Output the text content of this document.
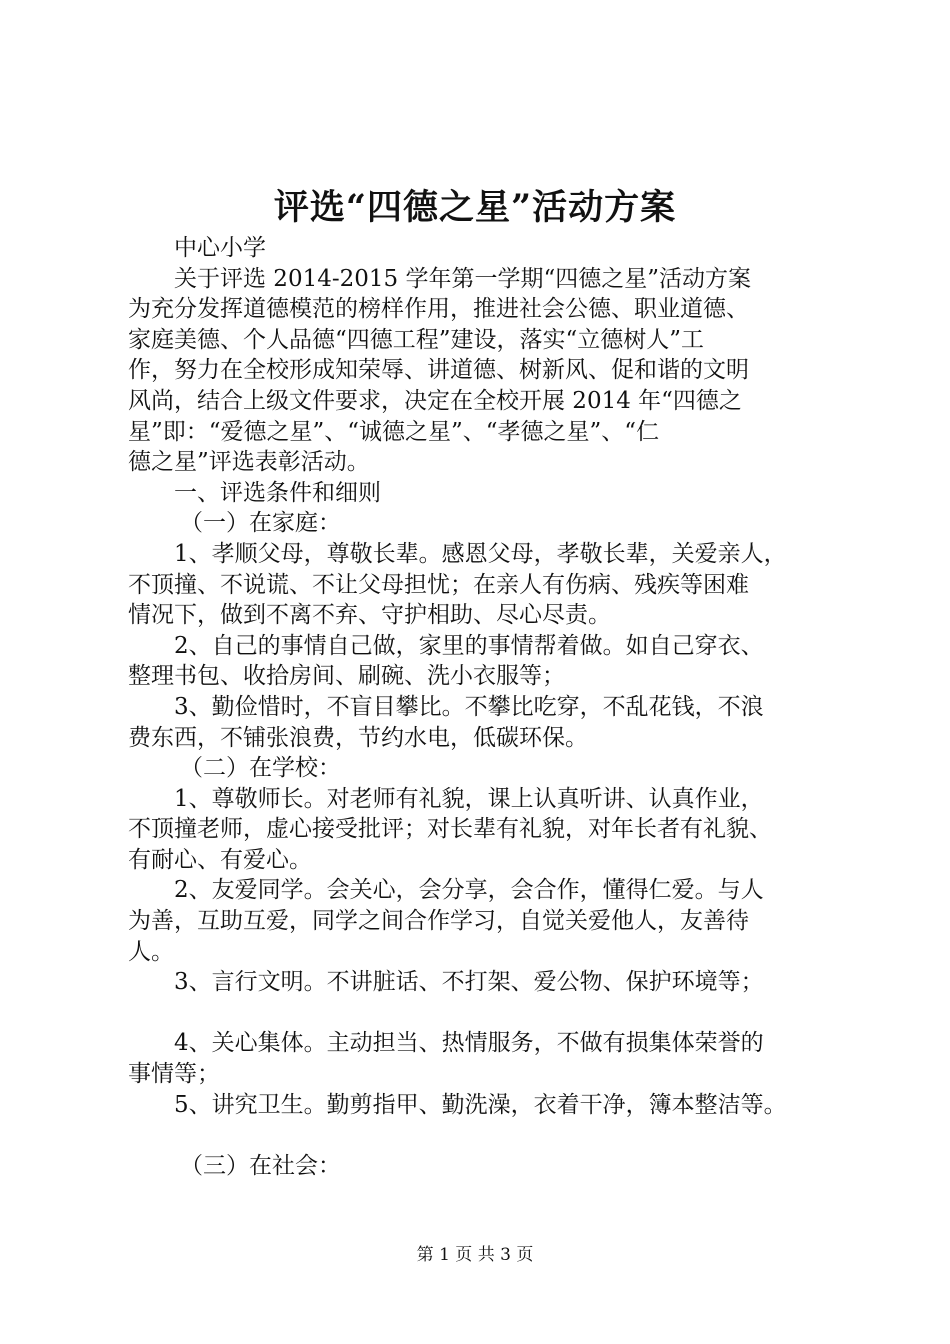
评选“四德之星”活动方案
中心小学
关于评选 2014-2015 学年第一学期“四德之星”活动方案
为充分发挥道德模范的榜样作用，推进社会公德、职业道德、
家庭美德、个人品德“四德工程”建设，落实“立德树人”工
作，努力在全校形成知荣辱、讲道德、树新风、促和谐的文明
风尚，结合上级文件要求，决定在全校开展 2014 年“四德之
星”即：“爱德之星”、“诚德之星”、“孝德之星”、“仁
德之星”评选表彰活动。
一、评选条件和细则
（一）在家庭：
1、孝顺父母，尊敬长辈。感恩父母，孝敬长辈，关爱亲人，
不顶撞、不说谎、不让父母担忧；在亲人有伤病、残疾等困难
情况下，做到不离不弃、守护相助、尽心尽责。
2、自己的事情自己做，家里的事情帮着做。如自己穿衣、
整理书包、收拾房间、刷碗、洗小衣服等；
3、勤俭惜时，不盲目攀比。不攀比吃穿，不乱花钱，不浪
费东西，不铺张浪费，节约水电，低碳环保。
（二）在学校：
1、尊敬师长。对老师有礼貌，课上认真听讲、认真作业，
不顶撞老师，虚心接受批评；对长辈有礼貌，对年长者有礼貌、
有耐心、有爱心。
2、友爱同学。会关心，会分享，会合作，懂得仁爱。与人
为善，互助互爱，同学之间合作学习，自觉关爱他人，友善待
人。
3、言行文明。不讲脏话、不打架、爱公物、保护环境等；
4、关心集体。主动担当、热情服务，不做有损集体荣誉的
事情等；
5、讲究卫生。勤剪指甲、勤洗澡，衣着干净，簿本整洁等。
（三）在社会：
第 1 页 共 3 页
